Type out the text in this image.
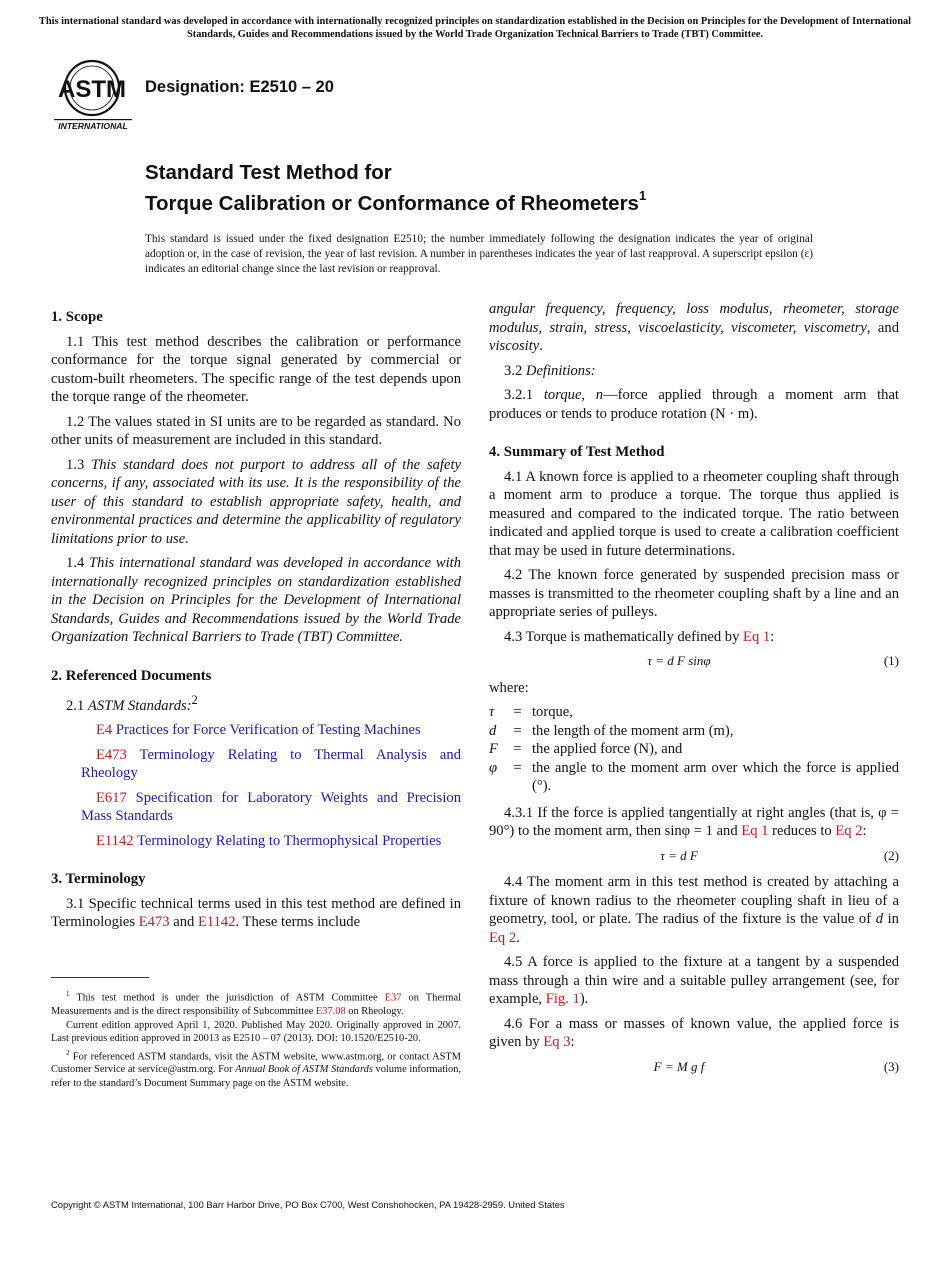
This international standard was developed in accordance with internationally recognized principles on standardization established in the Decision on Principles for the Development of International Standards, Guides and Recommendations issued by the World Trade Organization Technical Barriers to Trade (TBT) Committee.
ASTM
INTERNATIONAL
Designation: E2510 – 20
Standard Test Method for
Torque Calibration or Conformance of Rheometers$^1$
This standard is issued under the fixed designation E2510; the number immediately following the designation indicates the year of original adoption or, in the case of revision, the year of last revision. A number in parentheses indicates the year of last reapproval. A superscript epsilon (ε) indicates an editorial change since the last revision or reapproval.
1. Scope

1.1 This test method describes the calibration or performance conformance for the torque signal generated by commercial or custom-built rheometers. The specific range of the test depends upon the torque range of the rheometer.

1.2 The values stated in SI units are to be regarded as standard. No other units of measurement are included in this standard.

1.3 This standard does not purport to address all of the safety concerns, if any, associated with its use. It is the responsibility of the user of this standard to establish appropriate safety, health, and environmental practices and determine the applicability of regulatory limitations prior to use.

1.4 This international standard was developed in accordance with internationally recognized principles on standardization established in the Decision on Principles for the Development of International Standards, Guides and Recommendations issued by the World Trade Organization Technical Barriers to Trade (TBT) Committee.

2. Referenced Documents

2.1 ASTM Standards:$^2$

E4 Practices for Force Verification of Testing Machines

E473 Terminology Relating to Thermal Analysis and Rheology

E617 Specification for Laboratory Weights and Precision Mass Standards

E1142 Terminology Relating to Thermophysical Properties

3. Terminology

3.1 Specific technical terms used in this test method are defined in Terminologies E473 and E1142. These terms include

angular frequency, frequency, loss modulus, rheometer, storage modulus, strain, stress, viscoelasticity, viscometer, viscometry, and viscosity.

3.2 Definitions:

3.2.1 torque, n—force applied through a moment arm that produces or tends to produce rotation (N · m).

4. Summary of Test Method

4.1 A known force is applied to a rheometer coupling shaft through a moment arm to produce a torque. The torque thus applied is measured and compared to the indicated torque. The ratio between indicated and applied torque is used to create a calibration coefficient that may be used in future determinations.

4.2 The known force generated by suspended precision mass or masses is transmitted to the rheometer coupling shaft by a line and an appropriate series of pulleys.

4.3 Torque is mathematically defined by Eq 1:

τ = d F sinφ	(1)

where:

τ	= torque,
d	= the length of the moment arm (m),
F	= the applied force (N), and
φ	= the angle to the moment arm over which the force is applied (°).

4.3.1 If the force is applied tangentially at right angles (that is, φ = 90°) to the moment arm, then sinφ = 1 and Eq 1 reduces to Eq 2:

τ = d F	(2)

4.4 The moment arm in this test method is created by attaching a fixture of known radius to the rheometer coupling shaft in lieu of a geometry, tool, or plate. The radius of the fixture is the value of d in Eq 2.

4.5 A force is applied to the fixture at a tangent by a suspended mass through a thin wire and a suitable pulley arrangement (see, for example, Fig. 1).

4.6 For a mass or masses of known value, the applied force is given by Eq 3:

F = M g f	(3)

$^1$ This test method is under the jurisdiction of ASTM Committee E37 on Thermal Measurements and is the direct responsibility of Subcommittee E37.08 on Rheology.

Current edition approved April 1, 2020. Published May 2020. Originally approved in 2007. Last previous edition approved in 20013 as E2510 – 07 (2013). DOI: 10.1520/E2510-20.

$^2$ For referenced ASTM standards, visit the ASTM website, www.astm.org, or contact ASTM Customer Service at service@astm.org. For Annual Book of ASTM Standards volume information, refer to the standard’s Document Summary page on the ASTM website.

Copyright © ASTM International, 100 Barr Harbor Drive, PO Box C700, West Conshohocken, PA 19428-2959. United States
